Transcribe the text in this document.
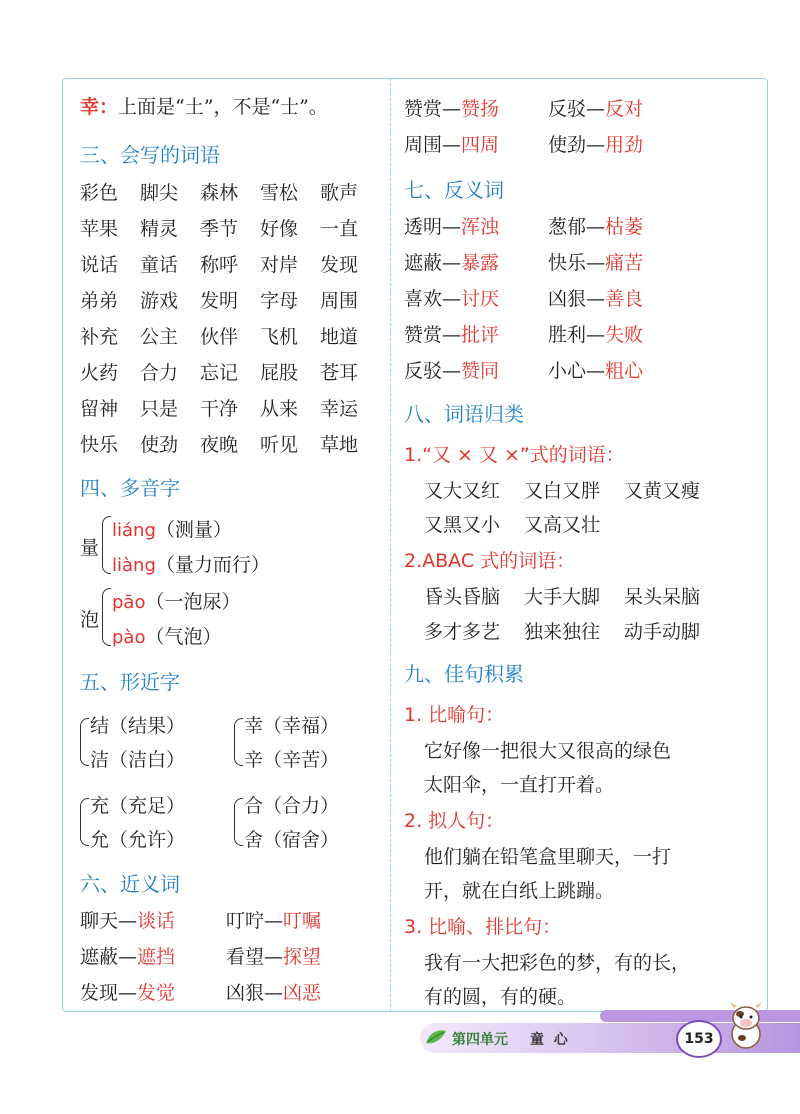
幸：上面是“土”，不是“士”。
三、会写的词语
彩色	脚尖	森林	雪松	歌声
苹果	精灵	季节	好像	一直
说话	童话	称呼	对岸	发现
弟弟	游戏	发明	字母	周围
补充	公主	伙伴	飞机	地道
火药	合力	忘记	屁股	苍耳
留神	只是	干净	从来	幸运
快乐	使劲	夜晚	听见	草地
四、多音字
量
liáng（测量）
liàng（量力而行）
泡
pāo（一泡尿）
pào（气泡）
五、形近字
结（结果）
洁（洁白）
幸（幸福）
辛（辛苦）
充（充足）
允（允许）
合（合力）
舍（宿舍）
六、近义词
聊天—谈话	叮咛—叮嘱
遮蔽—遮挡	看望—探望
发现—发觉	凶狠—凶恶
赞赏—赞扬	反驳—反对
周围—四周	使劲—用劲
七、反义词
透明—浑浊	葱郁—枯萎
遮蔽—暴露	快乐—痛苦
喜欢—讨厌	凶狠—善良
赞赏—批评	胜利—失败
反驳—赞同	小心—粗心
八、词语归类
1.“又 × 又 ×”式的词语：
又大又红	又白又胖	又黄又瘦
又黑又小	又高又壮
2.ABAC 式的词语：
昏头昏脑	大手大脚	呆头呆脑
多才多艺	独来独往	动手动脚
九、佳句积累
1. 比喻句：
它好像一把很大又很高的绿色
太阳伞，一直打开着。
2. 拟人句：
他们躺在铅笔盒里聊天，一打
开，就在白纸上跳蹦。
3. 比喻、排比句：
我有一大把彩色的梦，有的长，
有的圆，有的硬。
第四单元 童  心	153
